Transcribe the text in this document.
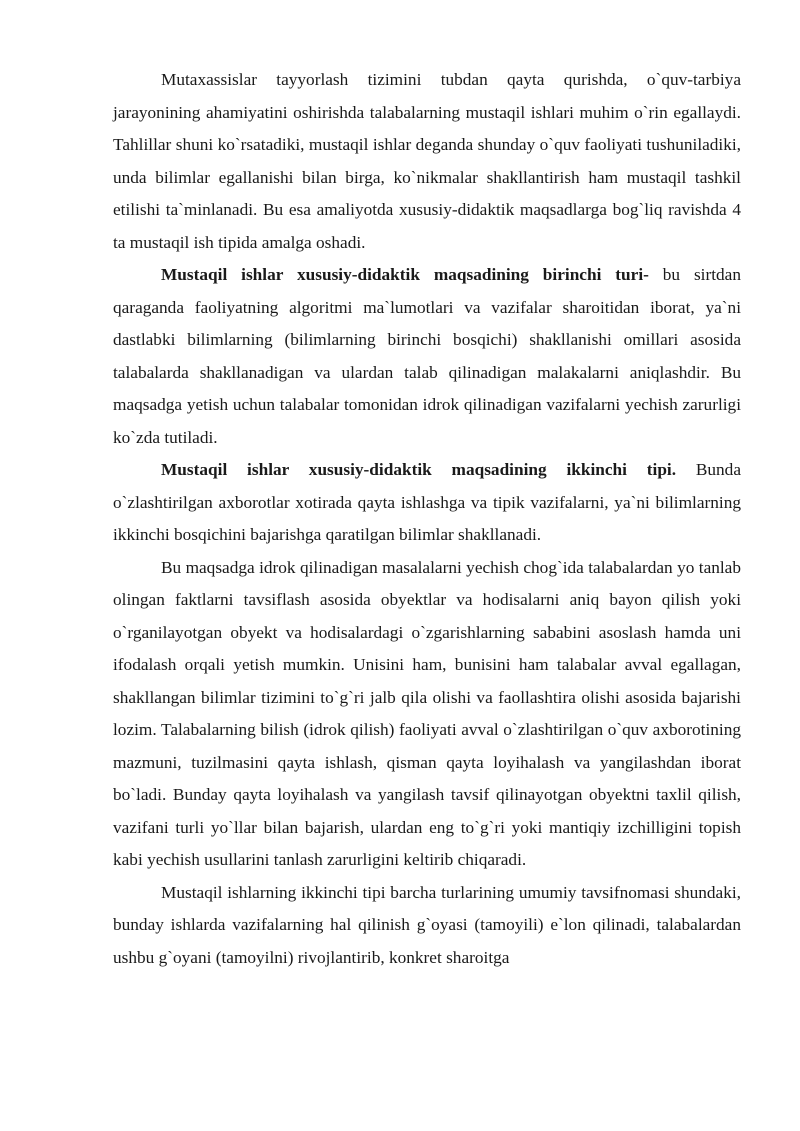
Mutaxassislar tayyorlash tizimini tubdan qayta qurishda, o`quv-tarbiya jarayonining ahamiyatini oshirishda talabalarning mustaqil ishlari muhim o`rin egallaydi. Tahlillar shuni ko`rsatadiki, mustaqil ishlar deganda shunday o`quv faoliyati tushuniladiki, unda bilimlar egallanishi bilan birga, ko`nikmalar shakllantirish ham mustaqil tashkil etilishi ta`minlanadi. Bu esa amaliyotda xususiy-didaktik maqsadlarga bog`liq ravishda 4 ta mustaqil ish tipida amalga oshadi.

Mustaqil ishlar xususiy-didaktik maqsadining birinchi turi- bu sirtdan qaraganda faoliyatning algoritmi ma`lumotlari va vazifalar sharoitidan iborat, ya`ni dastlabki bilimlarning (bilimlarning birinchi bosqichi) shakllanishi omillari asosida talabalarda shakllanadigan va ulardan talab qilinadigan malakalarni aniqlashdir. Bu maqsadga yetish uchun talabalar tomonidan idrok qilinadigan vazifalarni yechish zarurligi ko`zda tutiladi.

Mustaqil ishlar xususiy-didaktik maqsadining ikkinchi tipi. Bunda o`zlashtirilgan axborotlar xotirada qayta ishlashga va tipik vazifalarni, ya`ni bilimlarning ikkinchi bosqichini bajarishga qaratilgan bilimlar shakllanadi.

Bu maqsadga idrok qilinadigan masalalarni yechish chog`ida talabalardan yo tanlab olingan faktlarni tavsiflash asosida obyektlar va hodisalarni aniq bayon qilish yoki o`rganilayotgan obyekt va hodisalardagi o`zgarishlarning sababini asoslash hamda uni ifodalash orqali yetish mumkin. Unisini ham, bunisini ham talabalar avval egallagan, shakllangan bilimlar tizimini to`g`ri jalb qila olishi va faollashtira olishi asosida bajarishi lozim. Talabalarning bilish (idrok qilish) faoliyati avval o`zlashtirilgan o`quv axborotining mazmuni, tuzilmasini qayta ishlash, qisman qayta loyihalash va yangilashdan iborat bo`ladi. Bunday qayta loyihalash va yangilash tavsif qilinayotgan obyektni taxlil qilish, vazifani turli yo`llar bilan bajarish, ulardan eng to`g`ri yoki mantiqiy izchilligini topish kabi yechish usullarini tanlash zarurligini keltirib chiqaradi.

Mustaqil ishlarning ikkinchi tipi barcha turlarining umumiy tavsifnomasi shundaki, bunday ishlarda vazifalarning hal qilinish g`oyasi (tamoyili) e`lon qilinadi, talabalardan ushbu g`oyani (tamoyilni) rivojlantirib, konkret sharoitga
